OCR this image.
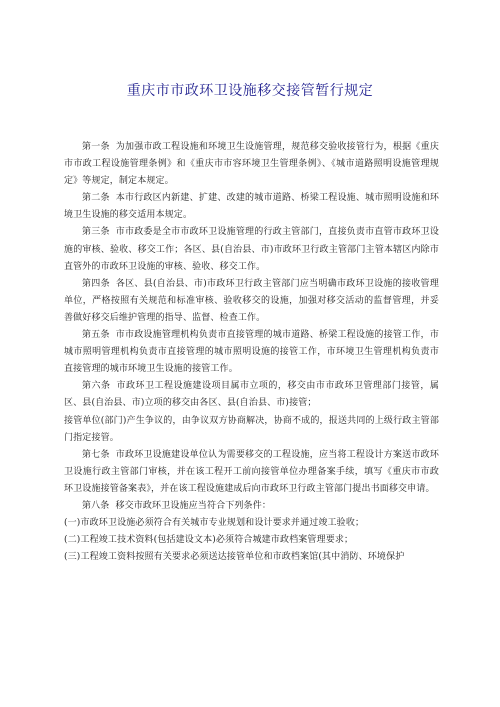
重庆市市政环卫设施移交接管暂行规定

第一条 为加强市政工程设施和环境卫生设施管理，规范移交验收接管行为，根据《重庆市市政工程设施管理条例》和《重庆市市容环境卫生管理条例》、《城市道路照明设施管理规定》等规定，制定本规定。

第二条 本市行政区内新建、扩建、改建的城市道路、桥梁工程设施、城市照明设施和环境卫生设施的移交适用本规定。

第三条 市市政委是全市市政环卫设施管理的行政主管部门，直接负责市直管市政环卫设施的审核、验收、移交工作；各区、县(自治县、市)市政环卫行政主管部门主管本辖区内除市直管外的市政环卫设施的审核、验收、移交工作。

第四条 各区、县(自治县、市)市政环卫行政主管部门应当明确市政环卫设施的接收管理单位，严格按照有关规范和标准审核、验收移交的设施，加强对移交活动的监督管理，并妥善做好移交后维护管理的指导、监督、检查工作。

第五条 市市政设施管理机构负责市直接管理的城市道路、桥梁工程设施的接管工作，市城市照明管理机构负责市直接管理的城市照明设施的接管工作，市环境卫生管理机构负责市直接管理的城市环境卫生设施的接管工作。

第六条 市政环卫工程设施建设项目属市立项的，移交由市市政环卫管理部门接管，属区、县(自治县、市)立项的移交由各区、县(自治县、市)接管；

接管单位(部门)产生争议的，由争议双方协商解决，协商不成的，报送共同的上级行政主管部门指定接管。

第七条 市政环卫设施建设单位认为需要移交的工程设施，应当将工程设计方案送市政环卫设施行政主管部门审核，并在该工程开工前向接管单位办理备案手续，填写《重庆市市政环卫设施接管备案表》，并在该工程设施建成后向市政环卫行政主管部门提出书面移交申请。

第八条 移交市政环卫设施应当符合下列条件：

(一)市政环卫设施必须符合有关城市专业规划和设计要求并通过竣工验收；

(二)工程竣工技术资料(包括建设文本)必须符合城建市政档案管理要求；

(三)工程竣工资料按照有关要求必须送达接管单位和市政档案馆(其中消防、环境保护
